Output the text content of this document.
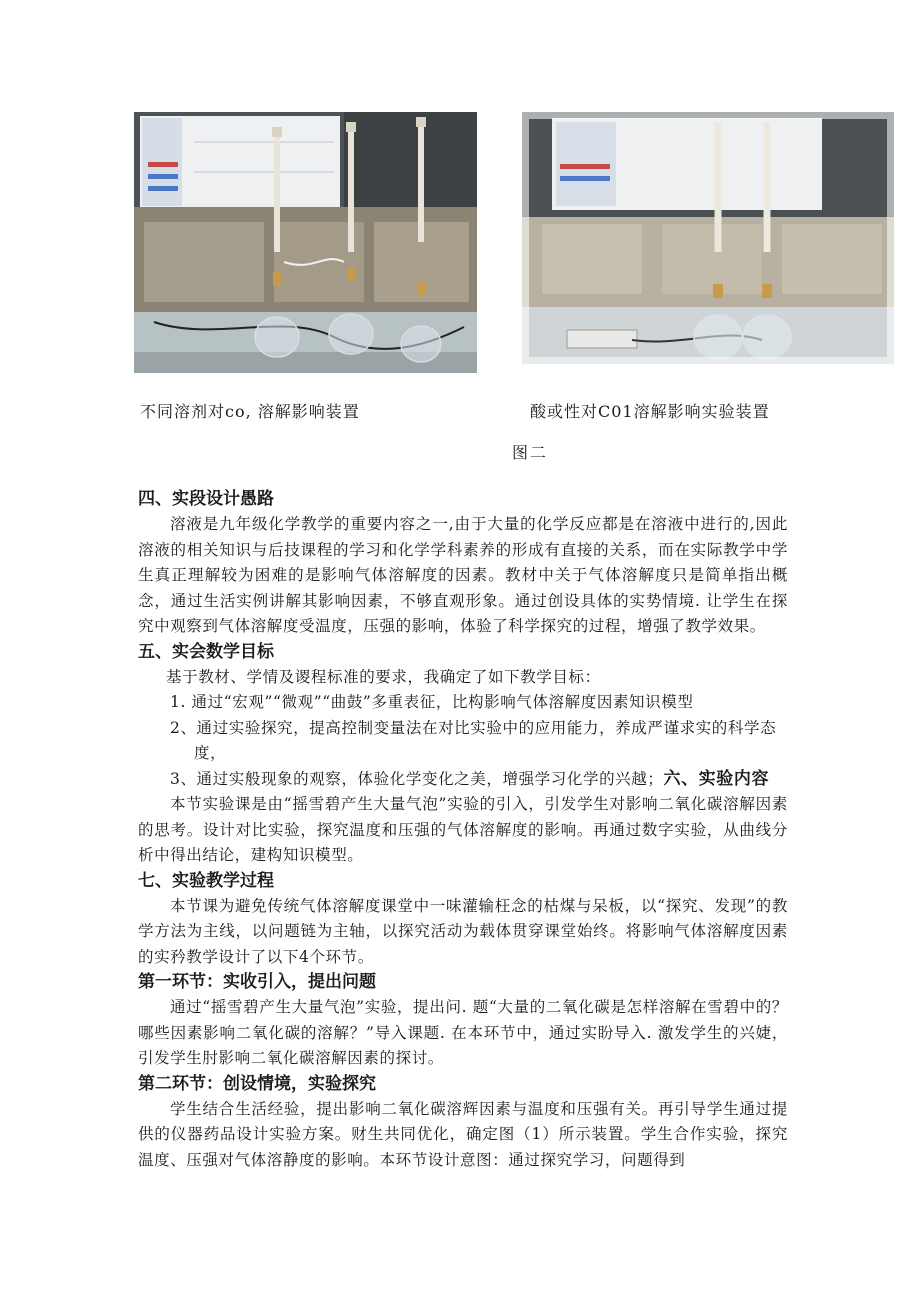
不同溶剂对co, 溶解影响装置	酸或性对C01溶解影响实验装置
图二

四、实段设计愚路

溶液是九年级化学教学的重要内容之一,由于大量的化学反应都是在溶液中进行的,因此溶液的相关知识与后技课程的学习和化学学科素养的形成有直接的关系，而在实际教学中学生真正理解较为困难的是影响气体溶解度的因素。教材中关于气体溶解度只是简单指出概念，通过生活实例讲解其影响因素，不够直观形象。通过创设具体的实势情境. 让学生在探究中观察到气体溶解度受温度，压强的影响，体验了科学探究的过程，增强了教学效果。

五、实会数学目标

基于教材、学情及谡程标准的要求，我确定了如下教学目标：

1. 通过“宏观”“微观”“曲鼓”多重表征，比构影响气体溶解度因素知识模型

2、通过实验探究，提高控制变量法在对比实验中的应用能力，养成严谨求实的科学态度，

3、通过实般现象的观察，体验化学变化之美，增强学习化学的兴越；六、实验内容

本节实验课是由“摇雪碧产生大量气泡”实验的引入，引发学生对影响二氧化碳溶解因素的思考。设计对比实验，探究温度和压强的气体溶解度的影响。再通过数字实验，从曲线分析中得出结论，建构知识模型。

七、实验教学过程

本节课为避免传统气体溶解度课堂中一味灌输枉念的枯煤与呆板，以“探究、发现”的教学方法为主线，以问题链为主轴，以探究活动为载体贯穿课堂始终。将影响气体溶解度因素的实矜教学设计了以下4个环节。

第一环节：实收引入，提出问题

通过“摇雪碧产生大量气泡”实验，提出问. 题“大量的二氧化碳是怎样溶解在雪碧中的？哪些因素影响二氧化碳的溶解？”导入课题. 在本环节中，通过实盼导入. 激发学生的兴婕，引发学生肘影响二氧化碳溶解因素的探讨。

第二环节：创设情境，实验探究

学生结合生活经验，提出影响二氧化碳溶辉因素与温度和压强有关。再引导学生通过提供的仪器药品设计实验方案。财生共同优化，确定图（1）所示装置。学生合作实验，探究温度、压强对气体溶静度的影响。本环节设计意图：通过探究学习，问题得到
